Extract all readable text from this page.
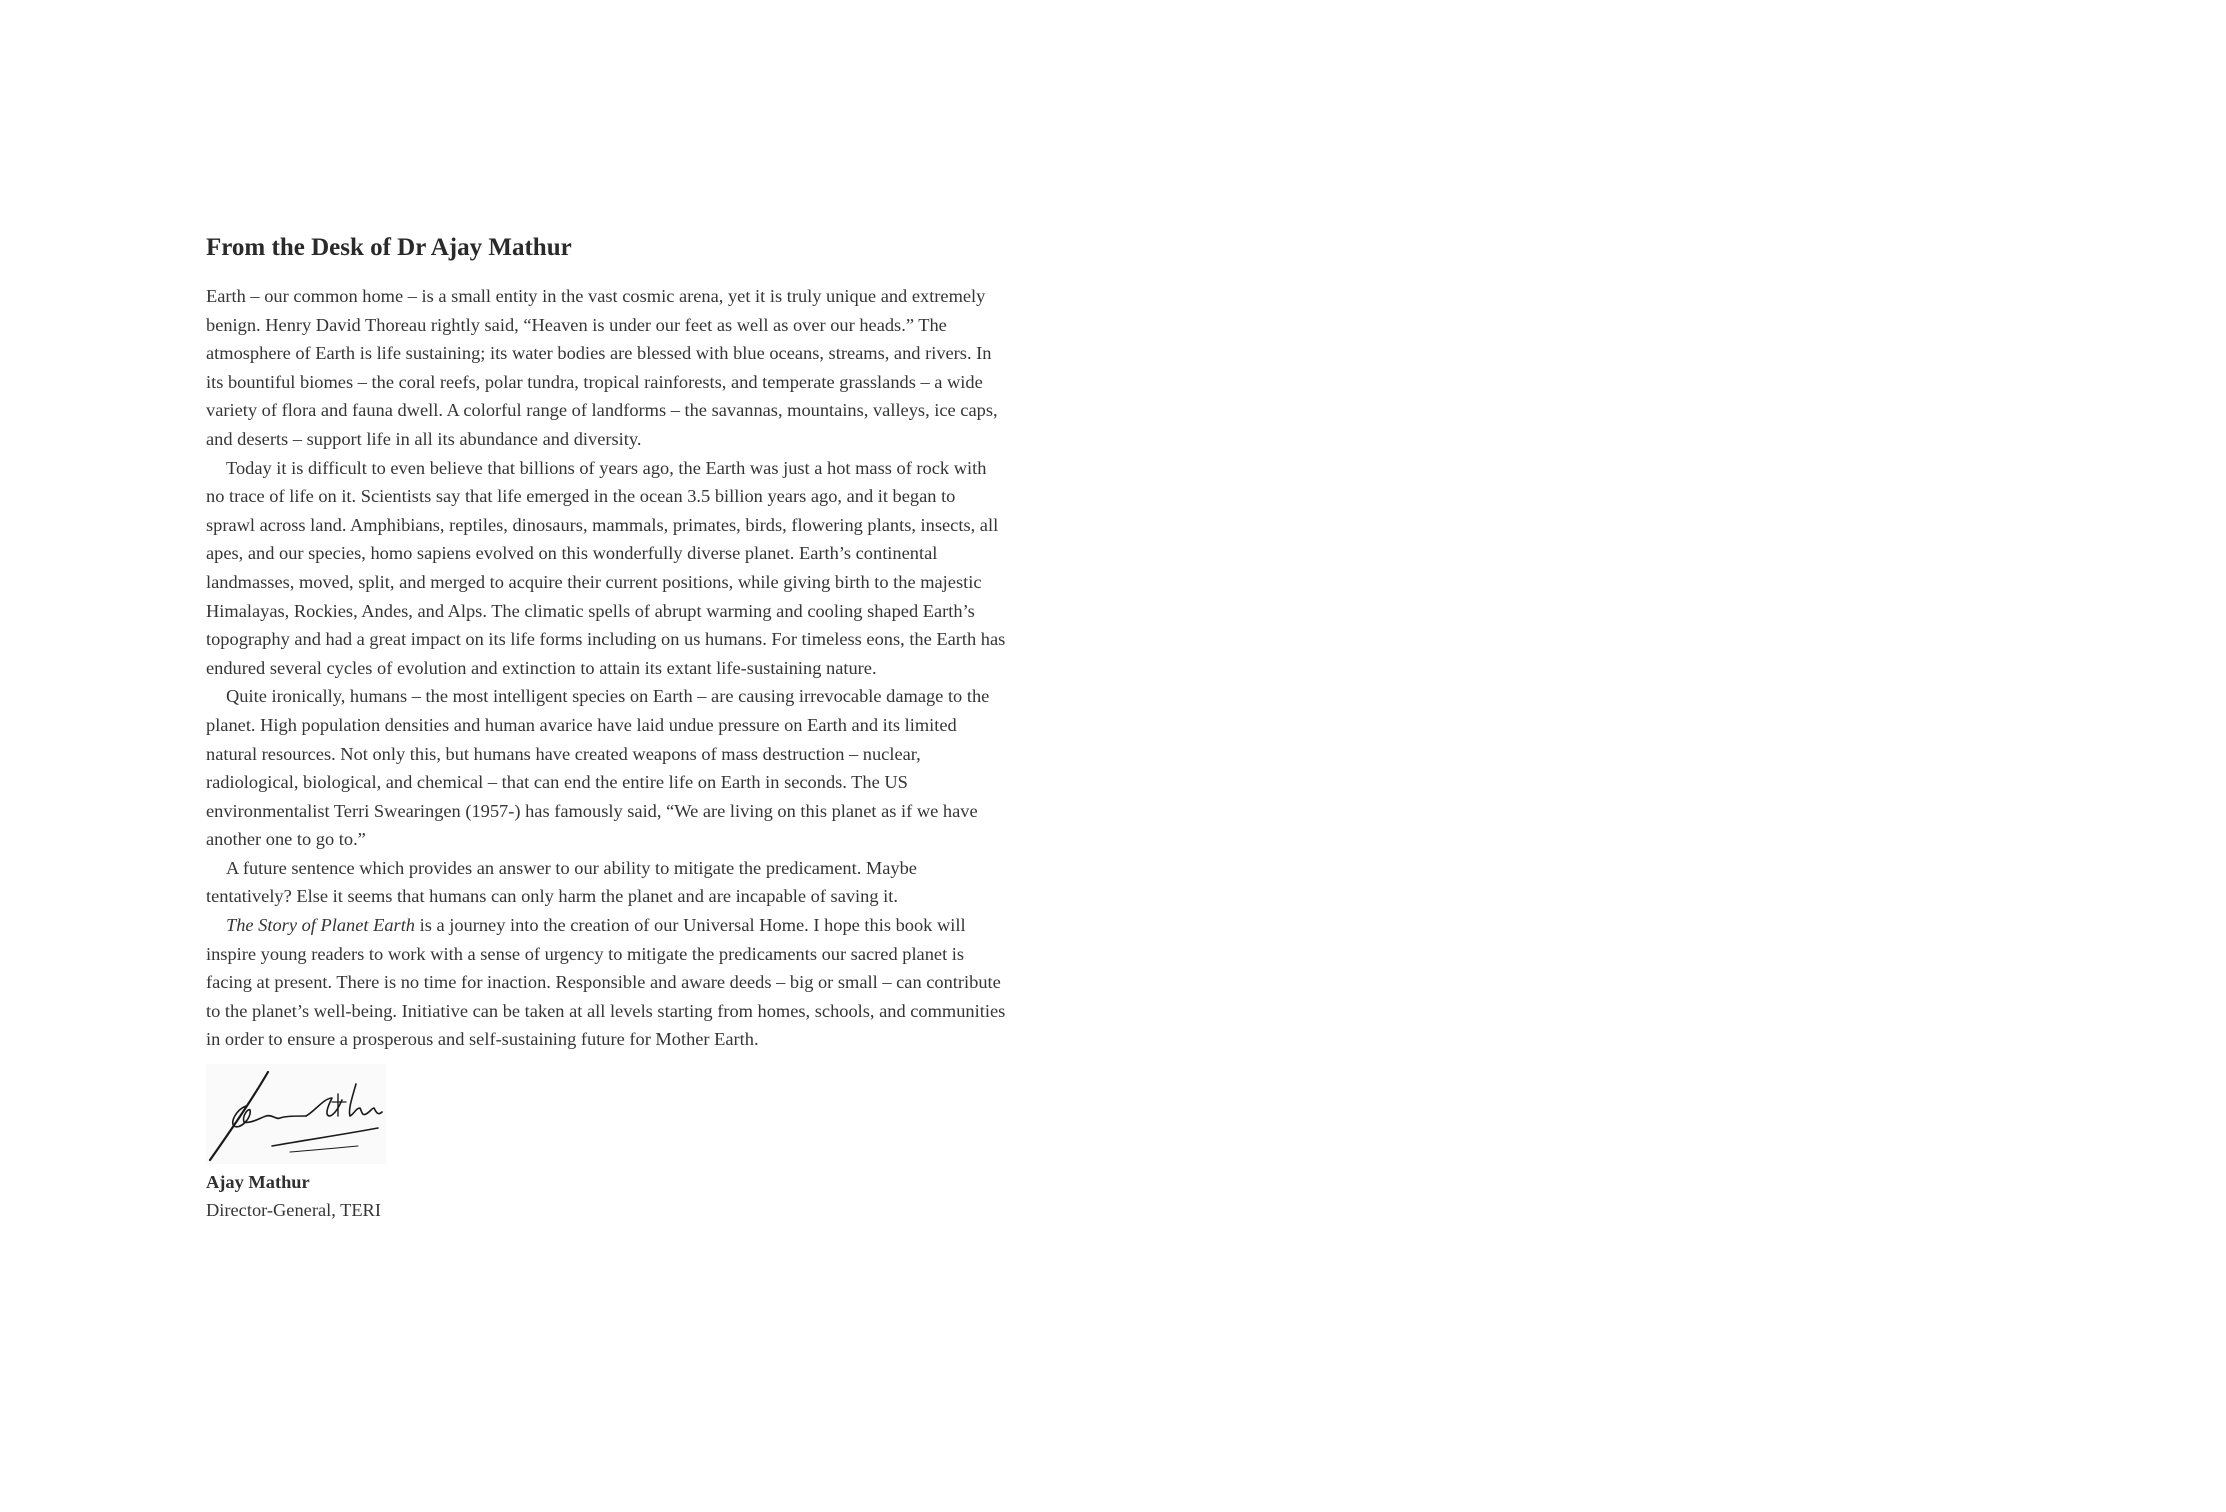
From the Desk of Dr Ajay Mathur

Earth – our common home – is a small entity in the vast cosmic arena, yet it is truly unique and extremely benign. Henry David Thoreau rightly said, “Heaven is under our feet as well as over our heads.” The atmosphere of Earth is life sustaining; its water bodies are blessed with blue oceans, streams, and rivers. In its bountiful biomes – the coral reefs, polar tundra, tropical rainforests, and temperate grasslands – a wide variety of flora and fauna dwell. A colorful range of landforms – the savannas, mountains, valleys, ice caps, and deserts – support life in all its abundance and diversity.

Today it is difficult to even believe that billions of years ago, the Earth was just a hot mass of rock with no trace of life on it. Scientists say that life emerged in the ocean 3.5 billion years ago, and it began to sprawl across land. Amphibians, reptiles, dinosaurs, mammals, primates, birds, flowering plants, insects, all apes, and our species, homo sapiens evolved on this wonderfully diverse planet. Earth’s continental landmasses, moved, split, and merged to acquire their current positions, while giving birth to the majestic Himalayas, Rockies, Andes, and Alps. The climatic spells of abrupt warming and cooling shaped Earth’s topography and had a great impact on its life forms including on us humans. For timeless eons, the Earth has endured several cycles of evolution and extinction to attain its extant life-sustaining nature.

Quite ironically, humans – the most intelligent species on Earth – are causing irrevocable damage to the planet. High population densities and human avarice have laid undue pressure on Earth and its limited natural resources. Not only this, but humans have created weapons of mass destruction – nuclear, radiological, biological, and chemical – that can end the entire life on Earth in seconds. The US environmentalist Terri Swearingen (1957-) has famously said, “We are living on this planet as if we have another one to go to.”

A future sentence which provides an answer to our ability to mitigate the predicament. Maybe tentatively? Else it seems that humans can only harm the planet and are incapable of saving it.

The Story of Planet Earth is a journey into the creation of our Universal Home. I hope this book will inspire young readers to work with a sense of urgency to mitigate the predicaments our sacred planet is facing at present. There is no time for inaction. Responsible and aware deeds – big or small – can contribute to the planet’s well-being. Initiative can be taken at all levels starting from homes, schools, and communities in order to ensure a prosperous and self-sustaining future for Mother Earth.

Ajay Mathur

Director-General, TERI
